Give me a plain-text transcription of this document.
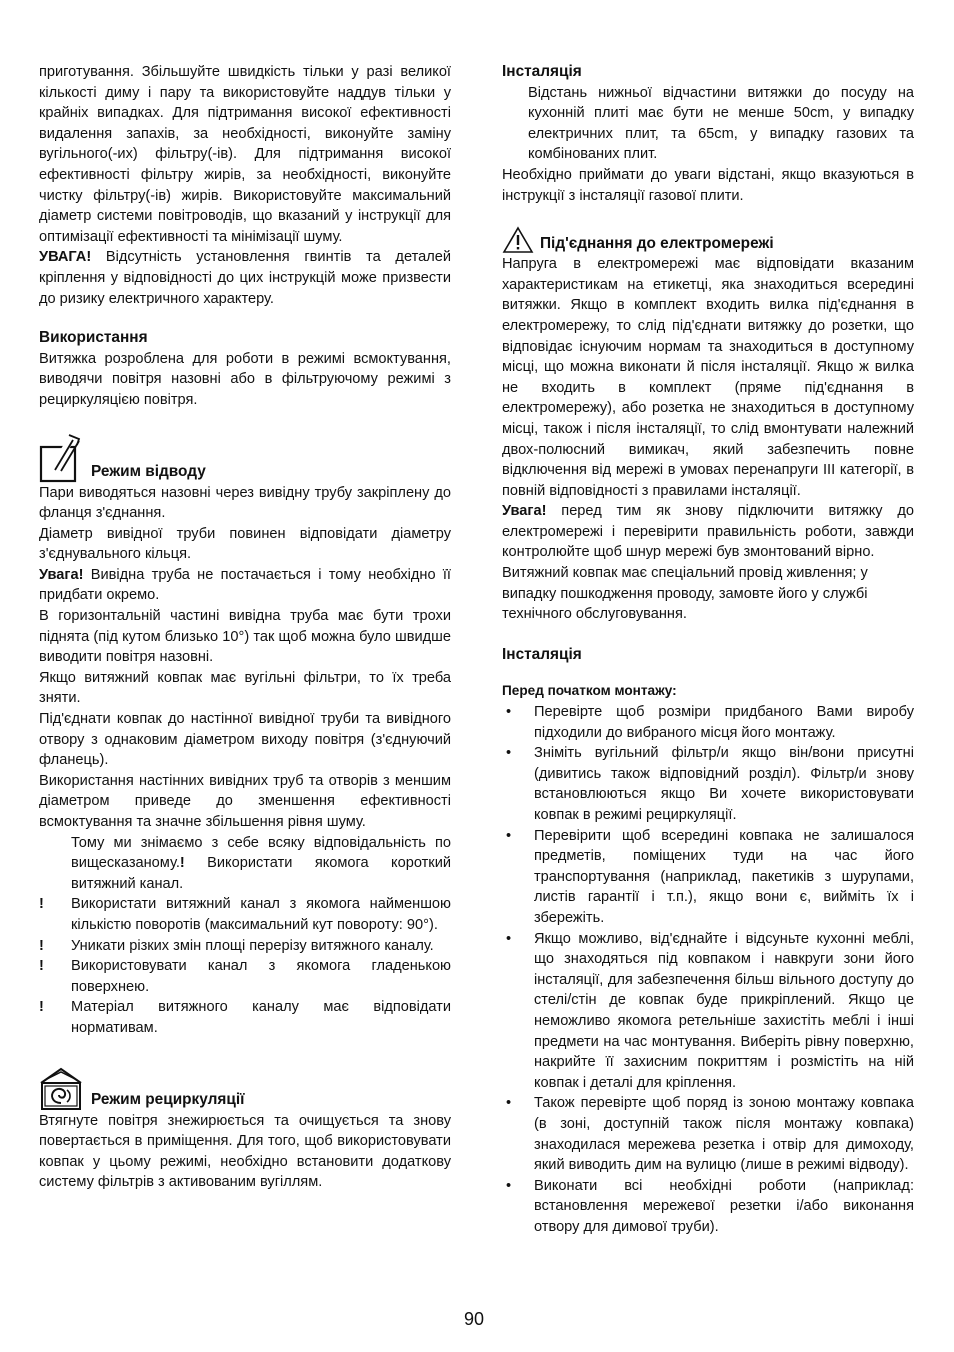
приготування. Збільшуйте швидкість тільки у разі великої кількості диму і пару та використовуйте наддув тільки у крайніх випадках. Для підтримання високої ефективності видалення запахів, за необхідності, виконуйте заміну вугільного(-их) фільтру(-ів). Для підтримання високої ефективності фільтру жирів, за необхідності, виконуйте чистку фільтру(-ів) жирів. Використовуйте максимальний діаметр системи повітроводів, що вказаний у інструкції для оптимізації ефективності та мінімізації шуму.

УВАГА! Відсутність установлення гвинтів та деталей кріплення у відповідності до цих інструкцій може призвести до ризику електричного характеру.

Використання

Витяжка розроблена для роботи в режимі всмоктування, виводячи повітря назовні або в фільтруючому режимі з рециркуляцією повітря.

Режим відводу

Пари виводяться назовні через вивідну трубу закріплену до фланця з'єднання.

Діаметр вивідної труби повинен відповідати діаметру з'єднувального кільця.

Увага! Вивідна труба не постачається і тому необхідно її придбати окремо.

В горизонтальній частині вивідна труба має бути трохи піднята (під кутом близько 10°) так щоб можна було швидше виводити повітря назовні.

Якщо витяжний ковпак має вугільні фільтри, то їх треба зняти.

Під'єднати ковпак до настінної вивідної труби та вивідного отвору з однаковим діаметром виходу повітря (з'єднуючий фланець).

Використання настінних вивідних труб та отворів з меншим діаметром приведе до зменшення ефективності всмоктування та значне збільшення рівня шуму.

Тому ми знімаємо з себе всяку відповідальність по вищесказаному.! Використати якомога короткий витяжний канал.

!	Використати витяжний канал з якомога найменшою кількістю поворотів (максимальний кут повороту: 90°).
!	Уникати різких змін площі перерізу витяжного каналу.
!	Використовувати канал з якомога гладенькою поверхнею.
!	Матеріал витяжного каналу має відповідати нормативам.

Режим рециркуляції

Втягнуте повітря знежирюється та очищується та знову повертається в приміщення. Для того, щоб використовувати ковпак у цьому режимі, необхідно встановити додаткову систему фільтрів з активованим вугіллям.

Інсталяція

Відстань нижньої відчастини витяжки до посуду на кухонній плиті має бути не менше 50cm, у випадку електричних плит, та 65cm, у випадку газових та комбінованих плит.

Необхідно приймати до уваги відстані, якщо вказуються в інструкції з інсталяції газової плити.

Під'єднання до електромережі

Напруга в електромережі має відповідати вказаним характеристикам на етикетці, яка знаходиться всередині витяжки. Якщо в комплект входить вилка під'єднання в електромережу, то слід під'єднати витяжку до розетки, що відповідає існуючим нормам та знаходиться в доступному місці, що можна виконати й після інсталяції. Якщо ж вилка не входить в комплект (пряме під'єднання в електромережу), або розетка не знаходиться в доступному місці, також і після інсталяції, то слід вмонтувати належний двох-полюсний вимикач, який забезпечить повне відключення від мережі в умовах перенапруги III категорії, в повній відповідності з правилами інсталяції.

Увага! перед тим як знову підключити витяжку до електромережі і перевірити правильність роботи, завжди контролюйте щоб шнур мережі був змонтований вірно.

Витяжний ковпак має спеціальний провід живлення; у випадку пошкодження проводу, замовте його у службі технічного обслуговування.

Інсталяція

Перед початком монтажу:

•	Перевірте щоб розміри придбаного Вами виробу підходили до вибраного місця його монтажу.
•	Зніміть вугільний фільтр/и якщо він/вони присутні (дивитись також відповідний розділ). Фільтр/и знову встановлюються якщо Ви хочете використовувати ковпак в режимі рециркуляції.
•	Перевірити щоб всередині ковпака не залишалося предметів, поміщених туди на час його транспортування (наприклад, пакетиків з шурупами, листів гарантії і т.п.), якщо вони є, вийміть їх і збережіть.
•	Якщо можливо, від'єднайте і відсуньте кухонні меблі, що знаходяться під ковпаком і навкруги зони його інсталяції, для забезпечення більш вільного доступу до стелі/стін де ковпак буде прикріплений. Якщо це неможливо якомога ретельніше захистіть меблі і інші предмети на час монтування. Виберіть рівну поверхню, накрийте її захисним покриттям і розмістіть на ній ковпак і деталі для кріплення.
•	Також перевірте щоб поряд із зоною монтажу ковпака (в зоні, доступній також після монтажу ковпака) знаходилася мережева резетка і отвір для димоходу, який виводить дим на вулицю (лише в режимі відводу).
•	Виконати всі необхідні роботи (наприклад: встановлення мережевої резетки і/або виконання отвору для димової труби).
90
